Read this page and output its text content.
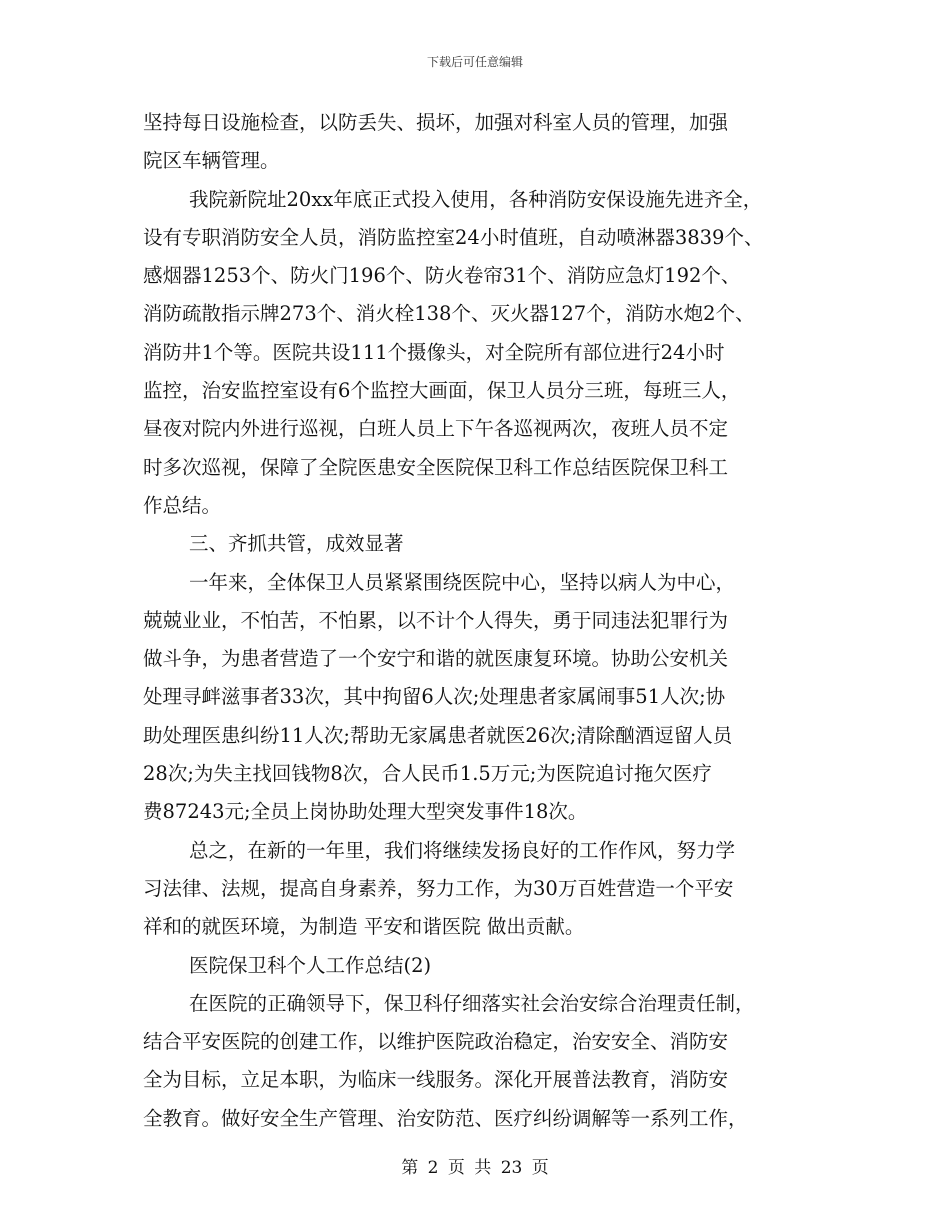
下载后可任意编辑
坚持每日设施检查，以防丢失、损坏，加强对科室人员的管理，加强
院区车辆管理。
我院新院址20xx年底正式投入使用，各种消防安保设施先进齐全，
设有专职消防安全人员，消防监控室24小时值班，自动喷淋器3839个、
感烟器1253个、防火门196个、防火卷帘31个、消防应急灯192个、
消防疏散指示牌273个、消火栓138个、灭火器127个，消防水炮2个、
消防井1个等。医院共设111个摄像头，对全院所有部位进行24小时
监控，治安监控室设有6个监控大画面，保卫人员分三班，每班三人，
昼夜对院内外进行巡视，白班人员上下午各巡视两次，夜班人员不定
时多次巡视，保障了全院医患安全医院保卫科工作总结医院保卫科工
作总结。
三、齐抓共管，成效显著
一年来，全体保卫人员紧紧围绕医院中心，坚持以病人为中心，
兢兢业业，不怕苦，不怕累，以不计个人得失，勇于同违法犯罪行为
做斗争，为患者营造了一个安宁和谐的就医康复环境。协助公安机关
处理寻衅滋事者33次，其中拘留6人次;处理患者家属闹事51人次;协
助处理医患纠纷11人次;帮助无家属患者就医26次;清除酗酒逗留人员
28次;为失主找回钱物8次，合人民币1.5万元;为医院追讨拖欠医疗
费87243元;全员上岗协助处理大型突发事件18次。
总之，在新的一年里，我们将继续发扬良好的工作作风，努力学
习法律、法规，提高自身素养，努力工作，为30万百姓营造一个平安
祥和的就医环境，为制造 平安和谐医院 做出贡献。
医院保卫科个人工作总结(2)
在医院的正确领导下，保卫科仔细落实社会治安综合治理责任制，
结合平安医院的创建工作，以维护医院政治稳定，治安安全、消防安
全为目标，立足本职，为临床一线服务。深化开展普法教育，消防安
全教育。做好安全生产管理、治安防范、医疗纠纷调解等一系列工作，
第 2 页 共 23 页
